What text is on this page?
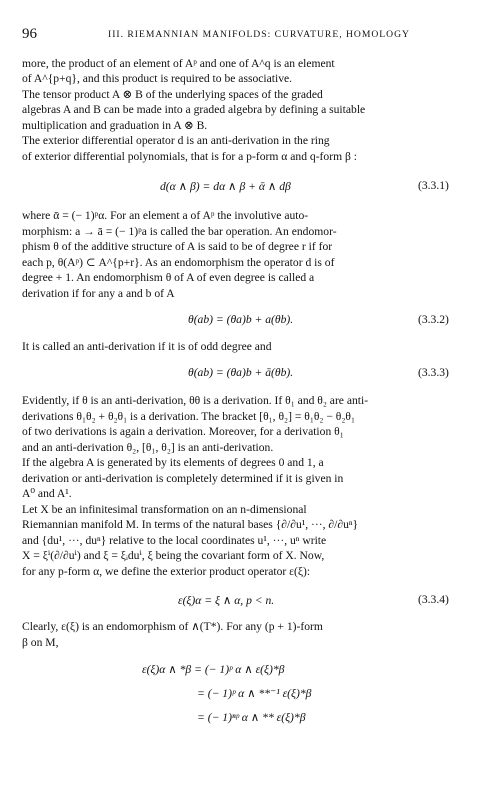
96	III. RIEMANNIAN MANIFOLDS: CURVATURE, HOMOLOGY
more, the product of an element of Aᵖ and one of A^q is an element
of A^{p+q}, and this product is required to be associative.
The tensor product A ⊗ B of the underlying spaces of the graded
algebras A and B can be made into a graded algebra by defining a suitable
multiplication and graduation in A ⊗ B.
The exterior differential operator d is an anti-derivation in the ring
of exterior differential polynomials, that is for a p-form α and q-form β :
d(α ∧ β) = dα ∧ β + ᾱ ∧ dβ	(3.3.1)
where ᾱ = (− 1)ᵖα. For an element a of Aᵖ the involutive auto-
morphism: a → ā = (− 1)ᵖa is called the bar operation. An endomor-
phism θ of the additive structure of A is said to be of degree r if for
each p, θ(Aᵖ) ⊂ A^{p+r}. As an endomorphism the operator d is of
degree + 1. An endomorphism θ of A of even degree is called a
derivation if for any a and b of A
θ(ab) = (θa)b + a(θb).	(3.3.2)
It is called an anti-derivation if it is of odd degree and
θ(ab) = (θa)b + ā(θb).	(3.3.3)
Evidently, if θ is an anti-derivation, θθ is a derivation. If θ₁ and θ₂ are anti-
derivations θ₁θ₂ + θ₂θ₁ is a derivation. The bracket [θ₁, θ₂] = θ₁θ₂ − θ₂θ₁
of two derivations is again a derivation. Moreover, for a derivation θ₁
and an anti-derivation θ₂, [θ₁, θ₂] is an anti-derivation.
If the algebra A is generated by its elements of degrees 0 and 1, a
derivation or anti-derivation is completely determined if it is given in
A⁰ and A¹.
Let X be an infinitesimal transformation on an n-dimensional
Riemannian manifold M. In terms of the natural bases {∂/∂u¹, ···, ∂/∂uⁿ}
and {du¹, ···, duⁿ} relative to the local coordinates u¹, ···, uⁿ write
X = ξⁱ(∂/∂uⁱ) and ξ = ξᵢduⁱ, ξ being the covariant form of X. Now,
for any p-form α, we define the exterior product operator ε(ξ):
ε(ξ)α = ξ ∧ α, p < n.	(3.3.4)
Clearly, ε(ξ) is an endomorphism of ∧(T*). For any (p + 1)-form
β on M,
ε(ξ)α ∧ *β = (− 1)ᵖ α ∧ ε(ξ)*β
= (− 1)ᵖ α ∧ **⁻¹ ε(ξ)*β
= (− 1)ⁿᵖ α ∧ ** ε(ξ)*β
